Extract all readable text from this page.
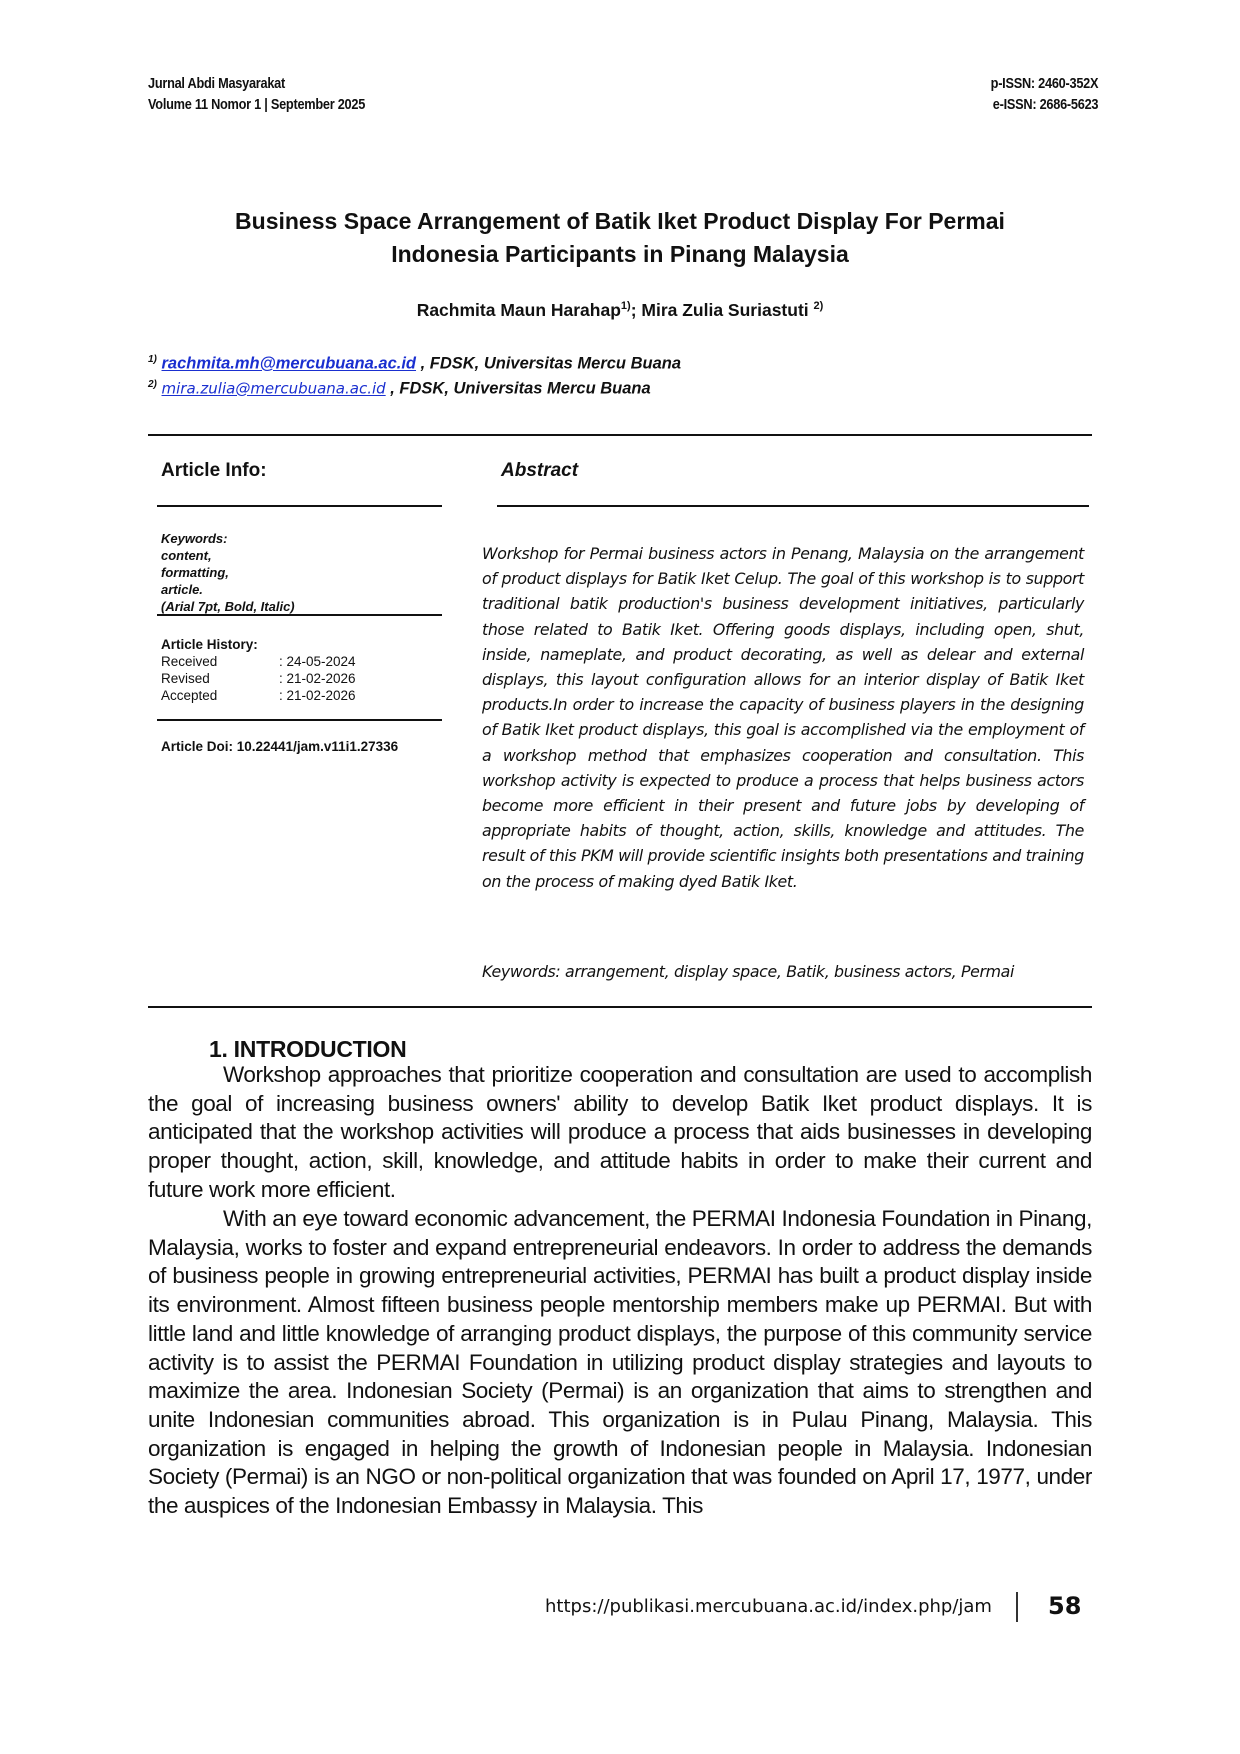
Jurnal Abdi Masyarakat
Volume 11 Nomor 1 | September 2025
p-ISSN: 2460-352X
e-ISSN: 2686-5623
Business Space Arrangement of Batik Iket Product Display For Permai
Indonesia Participants in Pinang Malaysia
Rachmita Maun Harahap$^{1)}$; Mira Zulia Suriastuti $^{2)}$
$^{1)}$ rachmita.mh@mercubuana.ac.id , FDSK, Universitas Mercu Buana
$^{2)}$ mira.zulia@mercubuana.ac.id , FDSK, Universitas Mercu Buana
Article Info:	Abstract
Keywords:
content,
formatting,
article.
(Arial 7pt, Bold, Italic)
Article History:
Received	: 24-05-2024
Revised	: 21-02-2026
Accepted	: 21-02-2026
Article Doi: 10.22441/jam.v11i1.27336
Workshop for Permai business actors in Penang, Malaysia on the arrangement of product displays for Batik Iket Celup. The goal of this workshop is to support traditional batik production's business development initiatives, particularly those related to Batik Iket. Offering goods displays, including open, shut, inside, nameplate, and product decorating, as well as delear and external displays, this layout configuration allows for an interior display of Batik Iket products.In order to increase the capacity of business players in the designing of Batik Iket product displays, this goal is accomplished via the employment of a workshop method that emphasizes cooperation and consultation. This workshop activity is expected to produce a process that helps business actors become more efficient in their present and future jobs by developing of appropriate habits of thought, action, skills, knowledge and attitudes. The result of this PKM will provide scientific insights both presentations and training on the process of making dyed Batik Iket.
Keywords: arrangement, display space, Batik, business actors, Permai
1. INTRODUCTION

Workshop approaches that prioritize cooperation and consultation are used to accomplish the goal of increasing business owners' ability to develop Batik Iket product displays. It is anticipated that the workshop activities will produce a process that aids businesses in developing proper thought, action, skill, knowledge, and attitude habits in order to make their current and future work more efficient.

With an eye toward economic advancement, the PERMAI Indonesia Foundation in Pinang, Malaysia, works to foster and expand entrepreneurial endeavors. In order to address the demands of business people in growing entrepreneurial activities, PERMAI has built a product display inside its environment. Almost fifteen business people mentorship members make up PERMAI. But with little land and little knowledge of arranging product displays, the purpose of this community service activity is to assist the PERMAI Foundation in utilizing product display strategies and layouts to maximize the area. Indonesian Society (Permai) is an organization that aims to strengthen and unite Indonesian communities abroad. This organization is in Pulau Pinang, Malaysia. This organization is engaged in helping the growth of Indonesian people in Malaysia. Indonesian Society (Permai) is an NGO or non-political organization that was founded on April 17, 1977, under the auspices of the Indonesian Embassy in Malaysia. This

https://publikasi.mercubuana.ac.id/index.php/jam 58
